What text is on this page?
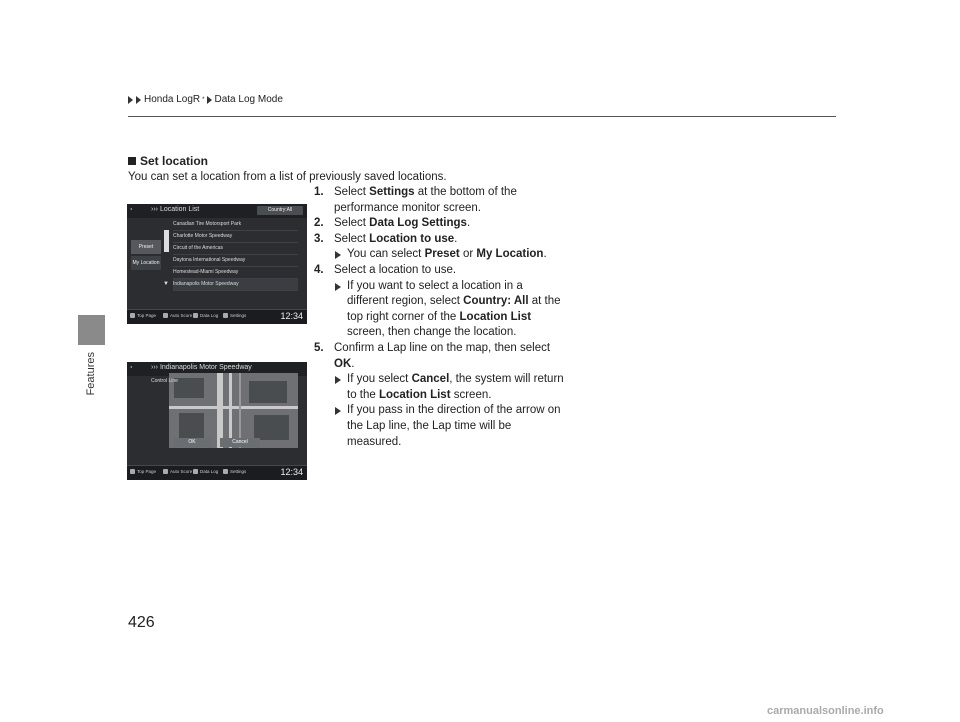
Features
Honda LogR * Data Log Mode
Set location
You can set a location from a list of previously saved locations.
1. Select Settings at the bottom of the performance monitor screen.
2. Select Data Log Settings.
3. Select Location to use.
You can select Preset or My Location.
4. Select a location to use.
If you want to select a location in a different region, select Country: All at the top right corner of the Location List screen, then change the location.
5. Confirm a Lap line on the map, then select OK.
If you select Cancel, the system will return to the Location List screen.
If you pass in the direction of the arrow on the Lap line, the Lap time will be measured.
◂	››› Location List	Country:All
Preset
My Location
▼
Canadian Tire Motorsport Park
Charlotte Motor Speedway
Circuit of the Americas
Daytona International Speedway
Homestead-Miami Speedway
Indianapolis Motor Speedway
Top Page	Auto Score	Data Log	Settings	12:34
◂	››› Indianapolis Motor Speedway
Control Line
OK	Cancel
Top Page	Auto Score	Data Log	Settings	12:34
426
carmanualsonline.info
